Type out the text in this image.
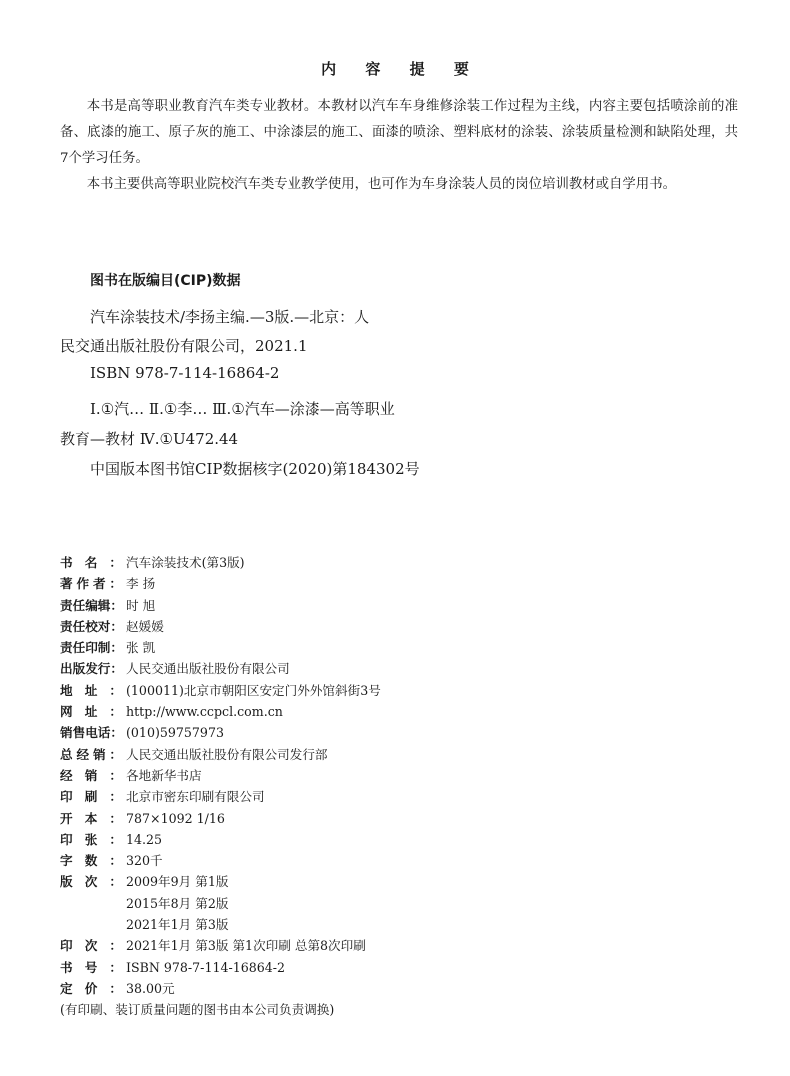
内 容 提 要

本书是高等职业教育汽车类专业教材。本教材以汽车车身维修涂装工作过程为主线，内容主要包括喷涂前的准备、底漆的施工、原子灰的施工、中涂漆层的施工、面漆的喷涂、塑料底材的涂装、涂装质量检测和缺陷处理，共7个学习任务。

本书主要供高等职业院校汽车类专业教学使用，也可作为车身涂装人员的岗位培训教材或自学用书。

图书在版编目(CIP)数据
汽车涂装技术/李扬主编.—3版.—北京：人
民交通出版社股份有限公司，2021.1
ISBN 978-7-114-16864-2
Ⅰ.①汽… Ⅱ.①李… Ⅲ.①汽车—涂漆—高等职业
教育—教材 Ⅳ.①U472.44
中国版本图书馆CIP数据核字(2020)第184302号
书 名 ： 汽车涂装技术(第3版)
著 作 者 ： 李 扬
责 任 编 辑 ： 时 旭
责 任 校 对 ： 赵媛媛
责 任 印 制 ： 张 凯
出 版 发 行 ： 人民交通出版社股份有限公司
地 址 ： (100011)北京市朝阳区安定门外外馆斜街3号
网 址 ： http://www.ccpcl.com.cn
销 售 电 话 ： (010)59757973
总 经 销 ： 人民交通出版社股份有限公司发行部
经 销 ： 各地新华书店
印 刷 ： 北京市密东印刷有限公司
开 本 ： 787×1092 1/16
印 张 ： 14.25
字 数 ： 320千
版 次 ： 2009年9月 第1版
2015年8月 第2版
2021年1月 第3版
印 次 ： 2021年1月 第3版 第1次印刷 总第8次印刷
书 号 ： ISBN 978-7-114-16864-2
定 价 ： 38.00元
(有印刷、装订质量问题的图书由本公司负责调换)
